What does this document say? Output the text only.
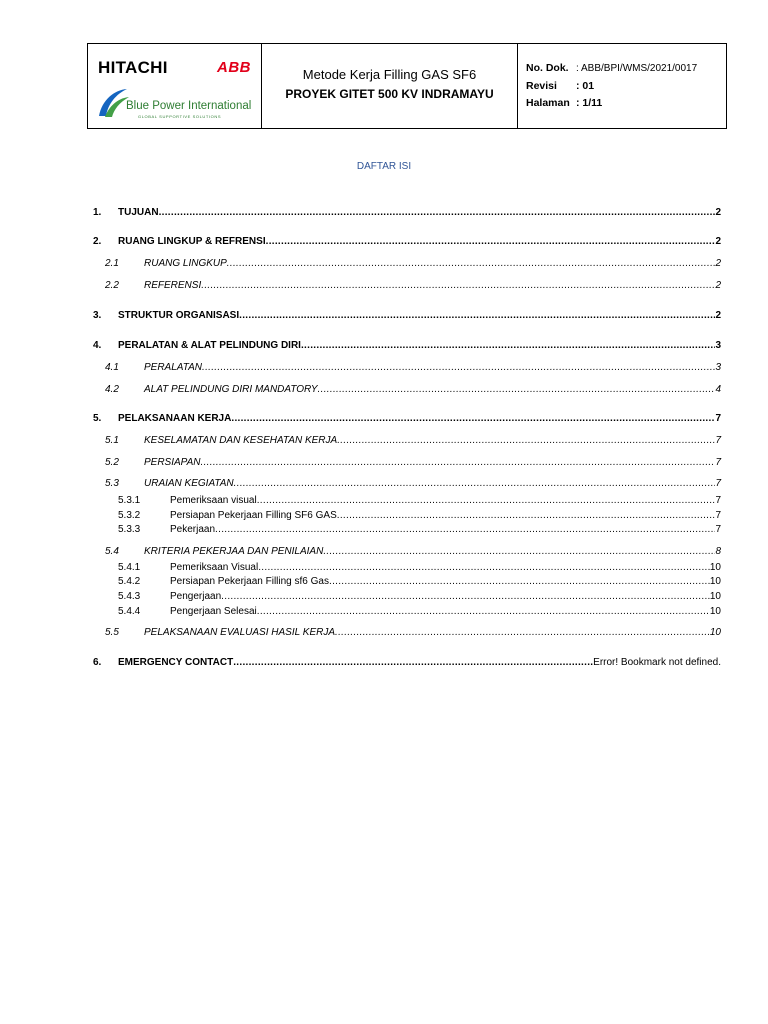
HITACHI	ABB
Blue Power International
GLOBAL SUPPORTIVE SOLUTIONS
Metode Kerja Filling GAS SF6
PROYEK GITET 500 KV INDRAMAYU
No. Dok. : ABB/BPI/WMS/2021/0017
Revisi : 01
Halaman : 1/11
DAFTAR ISI
1. TUJUAN .....	2
2. RUANG LINGKUP & REFRENSI .....	2
2.1	RUANG LINGKUP .....	2
2.2	REFERENSI .....	2
3. STRUKTUR ORGANISASI .....	2
4. PERALATAN & ALAT PELINDUNG DIRI .....	3
4.1	PERALATAN .....	3
4.2	ALAT PELINDUNG DIRI MANDATORY .....	4
5. PELAKSANAAN KERJA .....	7
5.1	KESELAMATAN DAN KESEHATAN KERJA .....	7
5.2	PERSIAPAN .....	7
5.3	URAIAN KEGIATAN .....	7
5.3.1	Pemeriksaan visual .....	7
5.3.2	Persiapan Pekerjaan Filling SF6 GAS .....	7
5.3.3	Pekerjaan .....	7
5.4	KRITERIA PEKERJAA DAN PENILAIAN .....	8
5.4.1	Pemeriksaan Visual .....	10
5.4.2	Persiapan Pekerjaan Filling sf6 Gas .....	10
5.4.3	Pengerjaan .....	10
5.4.4	Pengerjaan Selesai .....	10
5.5	PELAKSANAAN EVALUASI HASIL KERJA .....	10
6. EMERGENCY CONTACT .....	Error! Bookmark not defined.
